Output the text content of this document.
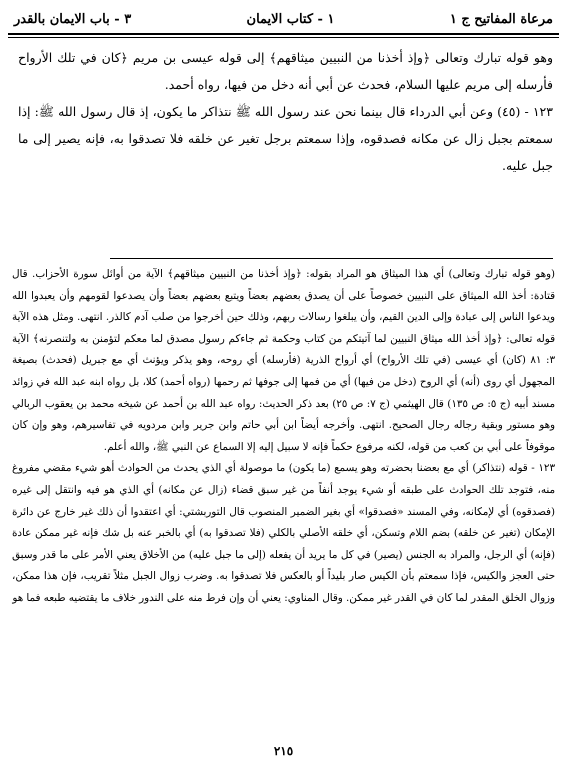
مرعاة المفاتيح ج ١
١ - كتاب الايمان
٣ - باب الايمان بالقدر

وهو قوله تبارك وتعالى ﴿وإذ أخذنا من النبيين ميثاقهم﴾ إلى قوله عيسى بن مريم ﴿كان في تلك الأرواح فأرسله إلى مريم عليها السلام، فحدث عن أبي أنه دخل من فيها، رواه أحمد.

١٢٣ - (٤٥) وعن أبي الدرداء قال بينما نحن عند رسول الله ﷺ نتذاكر ما يكون، إذ قال رسول الله ﷺ: إذا سمعتم بجبل زال عن مكانه فصدقوه، وإذا سمعتم برجل تغير عن خلقه فلا تصدقوا به، فإنه يصير إلى ما جبل عليه.

(وهو قوله تبارك وتعالى) أي هذا الميثاق هو المراد بقوله: ﴿وإذ أخذنا من النبيين ميثاقهم﴾ الآية من أوائل سورة الأحزاب. قال قتادة: أخذ الله الميثاق على النبيين خصوصاً على أن يصدق بعضهم بعضاً ويتبع بعضهم بعضاً وأن يصدعوا لقومهم وأن يعبدوا الله ويدعوا الناس إلى عبادة وإلى الدين القيم، وأن يبلغوا رسالات ربهم، وذلك حين أخرجوا من صلب آدم كالذر. انتهى. ومثل هذه الآية قوله تعالى: ﴿وإذ أخذ الله ميثاق النبيين لما آتيتكم من كتاب وحكمة ثم جاءكم رسول مصدق لما معكم لتؤمنن به ولتنصرنه﴾ الآية ٣: ٨١ (كان) أي عيسى (في تلك الأرواح) أي أرواح الذرية (فأرسله) أي روحه، وهو يذكر ويؤنث أي مع جبريل (فحدث) بصيغة المجهول أي روى (أنه) أي الروح (دخل من فيها) أي من فمها إلى جوفها ثم رحمها (رواه أحمد) كلا، بل رواه ابنه عبد الله في زوائد مسند أبيه (ج ٥: ص ١٣٥) قال الهيثمي (ج ٧: ص ٢٥) بعد ذكر الحديث: رواه عبد الله بن أحمد عن شيخه محمد بن يعقوب الربالي وهو مستور وبقية رجاله رجال الصحيح. انتهى. وأخرجه أيضاً ابن أبي حاتم وابن جرير وابن مردويه في تفاسيرهم، وهو وإن كان موقوفاً على أبي بن كعب من قوله، لكنه مرفوع حكماً فإنه لا سبيل إليه إلا السماع عن النبي ﷺ، والله أعلم.

١٢٣ - قوله (نتذاكر) أي مع بعضنا بحضرته وهو يسمع (ما يكون) ما موصولة أي الذي يحدث من الحوادث أهو شيء مقضي مفروغ منه، فتوجد تلك الحوادث على طبقه أو شيء يوجد أنفاً من غير سبق قضاء (زال عن مكانه) أي الذي هو فيه وانتقل إلى غيره (فصدقوه) أي لإمكانه، وفي المسند «فصدقوا» أي بغير الضمير المنصوب قال التوربشتي: أي اعتقدوا أن ذلك غير خارج عن دائرة الإمكان (تغير عن خلقه) بضم اللام وتسكن، أي خلقه الأصلي بالكلي (فلا تصدقوا به) أي بالخبر عنه بل شك فإنه غير ممكن عادة (فإنه) أي الرجل، والمراد به الجنس (يصير) في كل ما يريد أن يفعله (إلى ما جبل عليه) من الأخلاق يعني الأمر على ما قدر وسبق حتى العجز والكيس، فإذا سمعتم بأن الكيس صار بليداً أو بالعكس فلا تصدقوا به. وضرب زوال الجبل مثلاً تقريب، فإن هذا ممكن، وزوال الخلق المقدر لما كان في القدر غير ممكن. وقال المناوي: يعني أن وإن فرط منه على الندور خلاف ما يقتضيه طبعه فما هو

٢١٥
